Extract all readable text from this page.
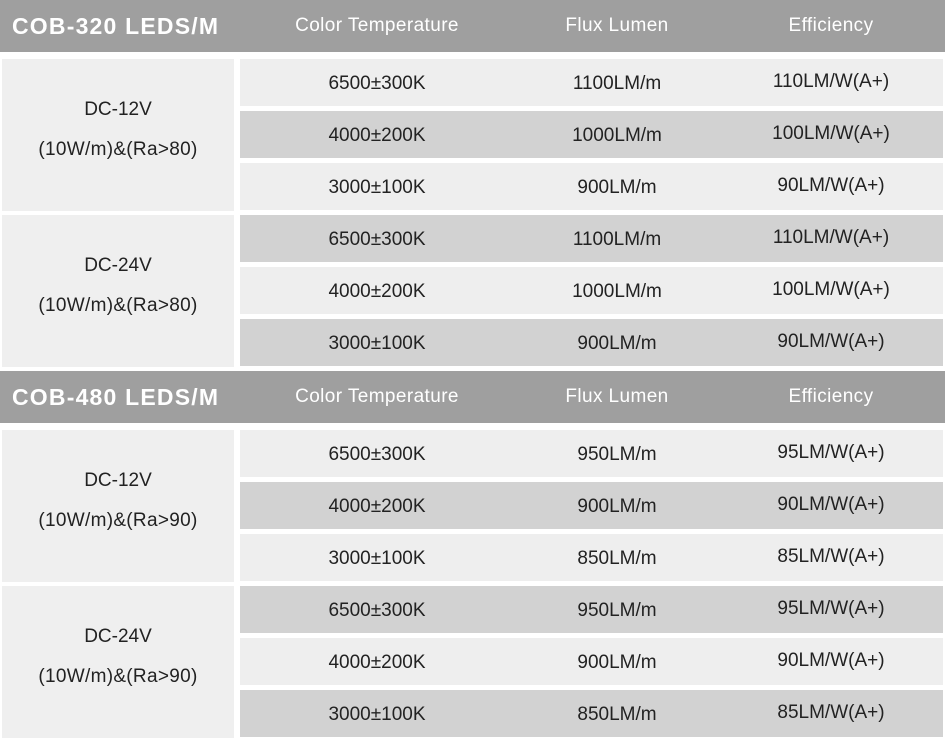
COB-320 LEDS/M	Color Temperature	Flux Lumen	Efficiency
DC-12V
(10W/m)&(Ra>80)
6500±300K	1100LM/m	110LM/W(A+)
4000±200K	1000LM/m	100LM/W(A+)
3000±100K	900LM/m	90LM/W(A+)
DC-24V
(10W/m)&(Ra>80)
6500±300K	1100LM/m	110LM/W(A+)
4000±200K	1000LM/m	100LM/W(A+)
3000±100K	900LM/m	90LM/W(A+)
COB-480 LEDS/M	Color Temperature	Flux Lumen	Efficiency
DC-12V
(10W/m)&(Ra>90)
6500±300K	950LM/m	95LM/W(A+)
4000±200K	900LM/m	90LM/W(A+)
3000±100K	850LM/m	85LM/W(A+)
DC-24V
(10W/m)&(Ra>90)
6500±300K	950LM/m	95LM/W(A+)
4000±200K	900LM/m	90LM/W(A+)
3000±100K	850LM/m	85LM/W(A+)
